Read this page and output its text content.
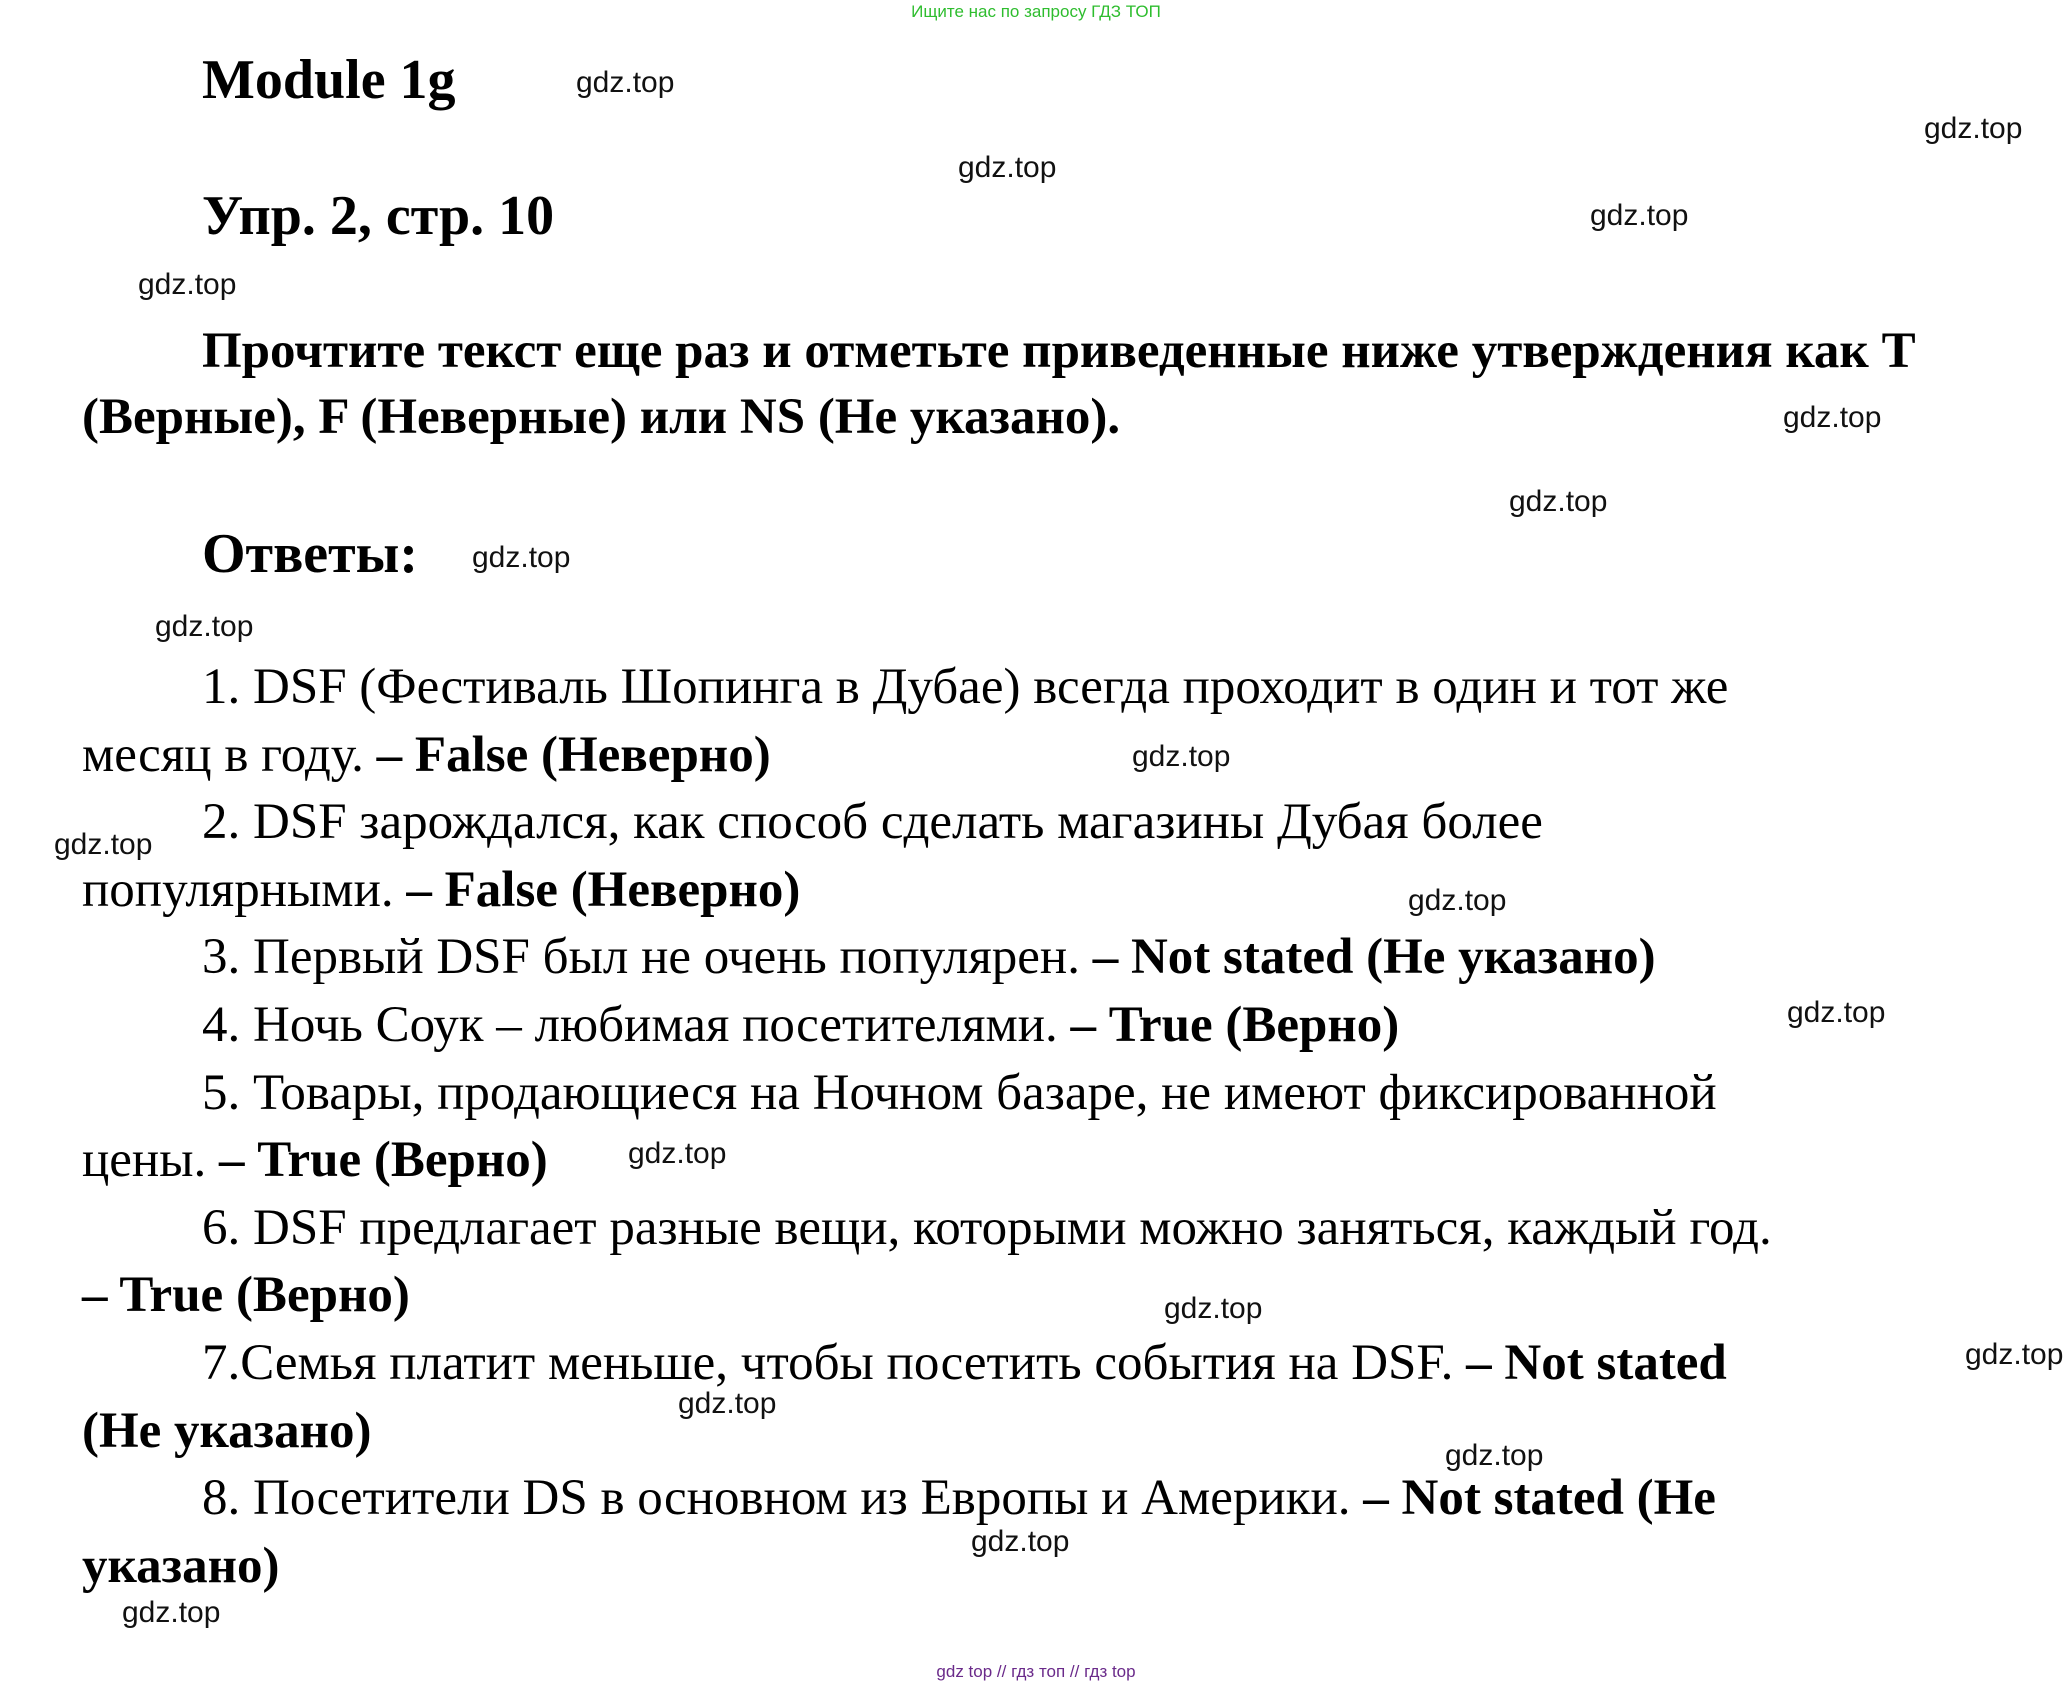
Ищите нас по запросу ГДЗ ТОП
Module 1g
Упр. 2, стр. 10
Прочтите текст еще раз и отметьте приведенные ниже утверждения как T (Верные), F (Неверные) или NS (Не указано).
Ответы:
1. DSF (Фестиваль Шопинга в Дубае) всегда проходит в один и тот же
месяц в году. – False (Неверно)
2. DSF зарождался, как способ сделать магазины Дубая более
популярными. – False (Неверно)
3. Первый DSF был не очень популярен. – Not stated (Не указано)
4. Ночь Соук – любимая посетителями. – True (Верно)
5. Товары, продающиеся на Ночном базаре, не имеют фиксированной
цены. – True (Верно)
6. DSF предлагает разные вещи, которыми можно заняться, каждый год.
– True (Верно)
7.Семья платит меньше, чтобы посетить события на DSF. – Not stated
(Не указано)
8. Посетители DS в основном из Европы и Америки. – Not stated (Не
указано)
gdz.top
gdz.top
gdz.top
gdz.top
gdz.top
gdz.top
gdz.top
gdz.top
gdz.top
gdz.top
gdz.top
gdz.top
gdz.top
gdz.top
gdz.top
gdz.top
gdz.top
gdz.top
gdz.top
gdz.top
gdz top // гдз топ // гдз top
